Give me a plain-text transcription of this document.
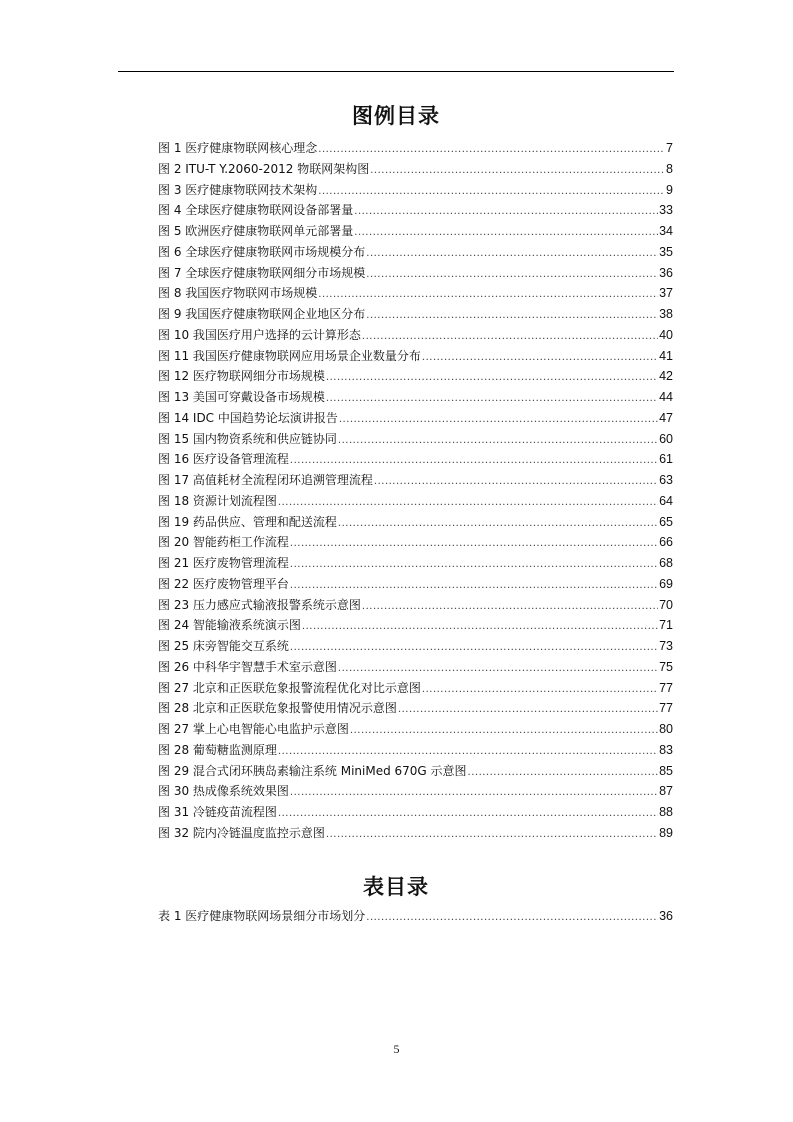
图例目录
图 1 医疗健康物联网核心理念 .....	7
图 2 ITU-T Y.2060-2012 物联网架构图 .....	8
图 3 医疗健康物联网技术架构 .....	9
图 4 全球医疗健康物联网设备部署量 .....	33
图 5 欧洲医疗健康物联网单元部署量 .....	34
图 6 全球医疗健康物联网市场规模分布 .....	35
图 7 全球医疗健康物联网细分市场规模 .....	36
图 8 我国医疗物联网市场规模 .....	37
图 9 我国医疗健康物联网企业地区分布 .....	38
图 10 我国医疗用户选择的云计算形态 .....	40
图 11 我国医疗健康物联网应用场景企业数量分布 .....	41
图 12 医疗物联网细分市场规模 .....	42
图 13 美国可穿戴设备市场规模 .....	44
图 14 IDC 中国趋势论坛演讲报告 .....	47
图 15 国内物资系统和供应链协同 .....	60
图 16 医疗设备管理流程 .....	61
图 17 高值耗材全流程闭环追溯管理流程 .....	63
图 18 资源计划流程图 .....	64
图 19 药品供应、管理和配送流程 .....	65
图 20 智能药柜工作流程 .....	66
图 21 医疗废物管理流程 .....	68
图 22 医疗废物管理平台 .....	69
图 23 压力感应式输液报警系统示意图 .....	70
图 24 智能输液系统演示图 .....	71
图 25 床旁智能交互系统 .....	73
图 26 中科华宇智慧手术室示意图 .....	75
图 27 北京和正医联危象报警流程优化对比示意图 .....	77
图 28 北京和正医联危象报警使用情况示意图 .....	77
图 27 掌上心电智能心电监护示意图 .....	80
图 28 葡萄糖监测原理 .....	83
图 29 混合式闭环胰岛素输注系统 MiniMed 670G 示意图 .....	85
图 30 热成像系统效果图 .....	87
图 31 冷链疫苗流程图 .....	88
图 32 院内冷链温度监控示意图 .....	89
表目录
表 1 医疗健康物联网场景细分市场划分 .....	36
5
